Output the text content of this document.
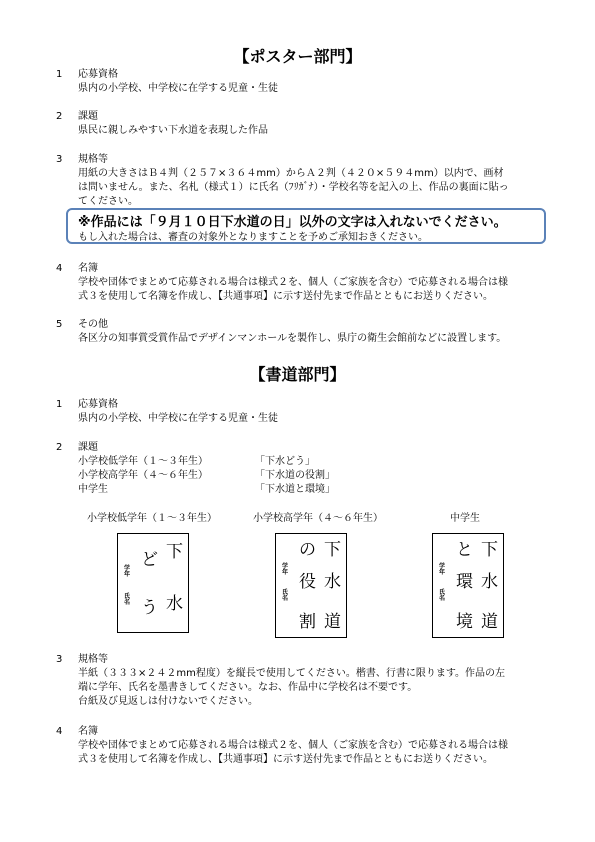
【ポスター部門】
1 応募資格
県内の小学校、中学校に在学する児童・生徒
2 課題
県民に親しみやすい下水道を表現した作品
3 規格等
用紙の大きさはＢ４判（２５７×３６４mm）からＡ２判（４２０×５９４mm）以内で、画材
は問いません。また、名札（様式１）に氏名（ﾌﾘｶﾞﾅ）・学校名等を記入の上、作品の裏面に貼っ
てください。
※作品には「９月１０日下水道の日」以外の文字は入れないでください。
もし入れた場合は、審査の対象外となりますことを予めご承知おきください。
4 名簿
学校や団体でまとめて応募される場合は様式２を、個人（ご家族を含む）で応募される場合は様
式３を使用して名簿を作成し、【共通事項】に示す送付先まで作品とともにお送りください。
5 その他
各区分の知事賞受賞作品でデザインマンホールを製作し、県庁の衛生会館前などに設置します。
【書道部門】
1 応募資格
県内の小学校、中学校に在学する児童・生徒
2 課題
小学校低学年（１～３年生）	「下水どう」
小学校高学年（４～６年生）	「下水道の役割」
中学生	「下水道と環境」
小学校低学年（１～３年生）	小学校高学年（４～６年生）	中学生
下
水
ど
う
学年
氏名
下
水
道
の
役
割
学年
氏名
下
水
道
と
環
境
学年
氏名
3 規格等
半紙（３３３×２４２mm程度）を縦長で使用してください。楷書、行書に限ります。作品の左
端に学年、氏名を墨書きしてください。なお、作品中に学校名は不要です。
台紙及び見返しは付けないでください。
4 名簿
学校や団体でまとめて応募される場合は様式２を、個人（ご家族を含む）で応募される場合は様
式３を使用して名簿を作成し、【共通事項】に示す送付先まで作品とともにお送りください。
